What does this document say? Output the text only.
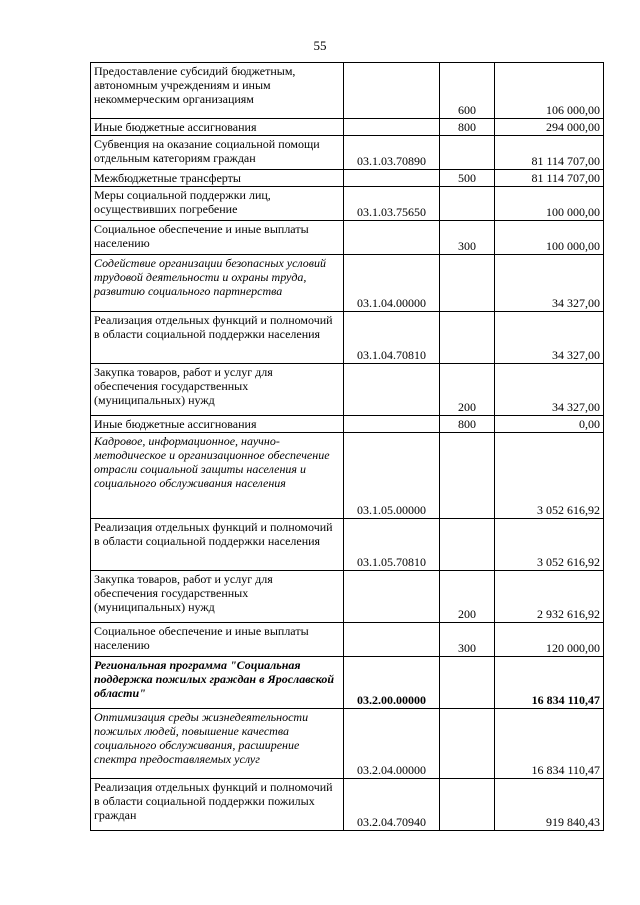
55
Предоставление субсидий бюджетным, автономным учреждениям и иным некоммерческим организациям		600	106 000,00
Иные бюджетные ассигнования		800	294 000,00
Субвенция на оказание социальной помощи отдельным категориям граждан	03.1.03.70890		81 114 707,00
Межбюджетные трансферты		500	81 114 707,00
Меры социальной поддержки лиц, осуществивших погребение	03.1.03.75650		100 000,00
Социальное обеспечение и иные выплаты населению		300	100 000,00
Содействие организации безопасных условий трудовой деятельности и охраны труда, развитию социального партнерства	03.1.04.00000		34 327,00
Реализация отдельных функций и полномочий в области социальной поддержки населения	03.1.04.70810		34 327,00
Закупка товаров, работ и услуг для обеспечения государственных (муниципальных) нужд		200	34 327,00
Иные бюджетные ассигнования		800	0,00
Кадровое, информационное, научно-методическое и организационное обеспечение отрасли социальной защиты населения и социального обслуживания населения	03.1.05.00000		3 052 616,92
Реализация отдельных функций и полномочий в области социальной поддержки населения	03.1.05.70810		3 052 616,92
Закупка товаров, работ и услуг для обеспечения государственных (муниципальных) нужд		200	2 932 616,92
Социальное обеспечение и иные выплаты населению		300	120 000,00
Региональная программа "Социальная поддержка пожилых граждан в Ярославской области"	03.2.00.00000		16 834 110,47
Оптимизация среды жизнедеятельности пожилых людей, повышение качества социального обслуживания, расширение спектра предоставляемых услуг	03.2.04.00000		16 834 110,47
Реализация отдельных функций и полномочий в области социальной поддержки пожилых граждан	03.2.04.70940		919 840,43
